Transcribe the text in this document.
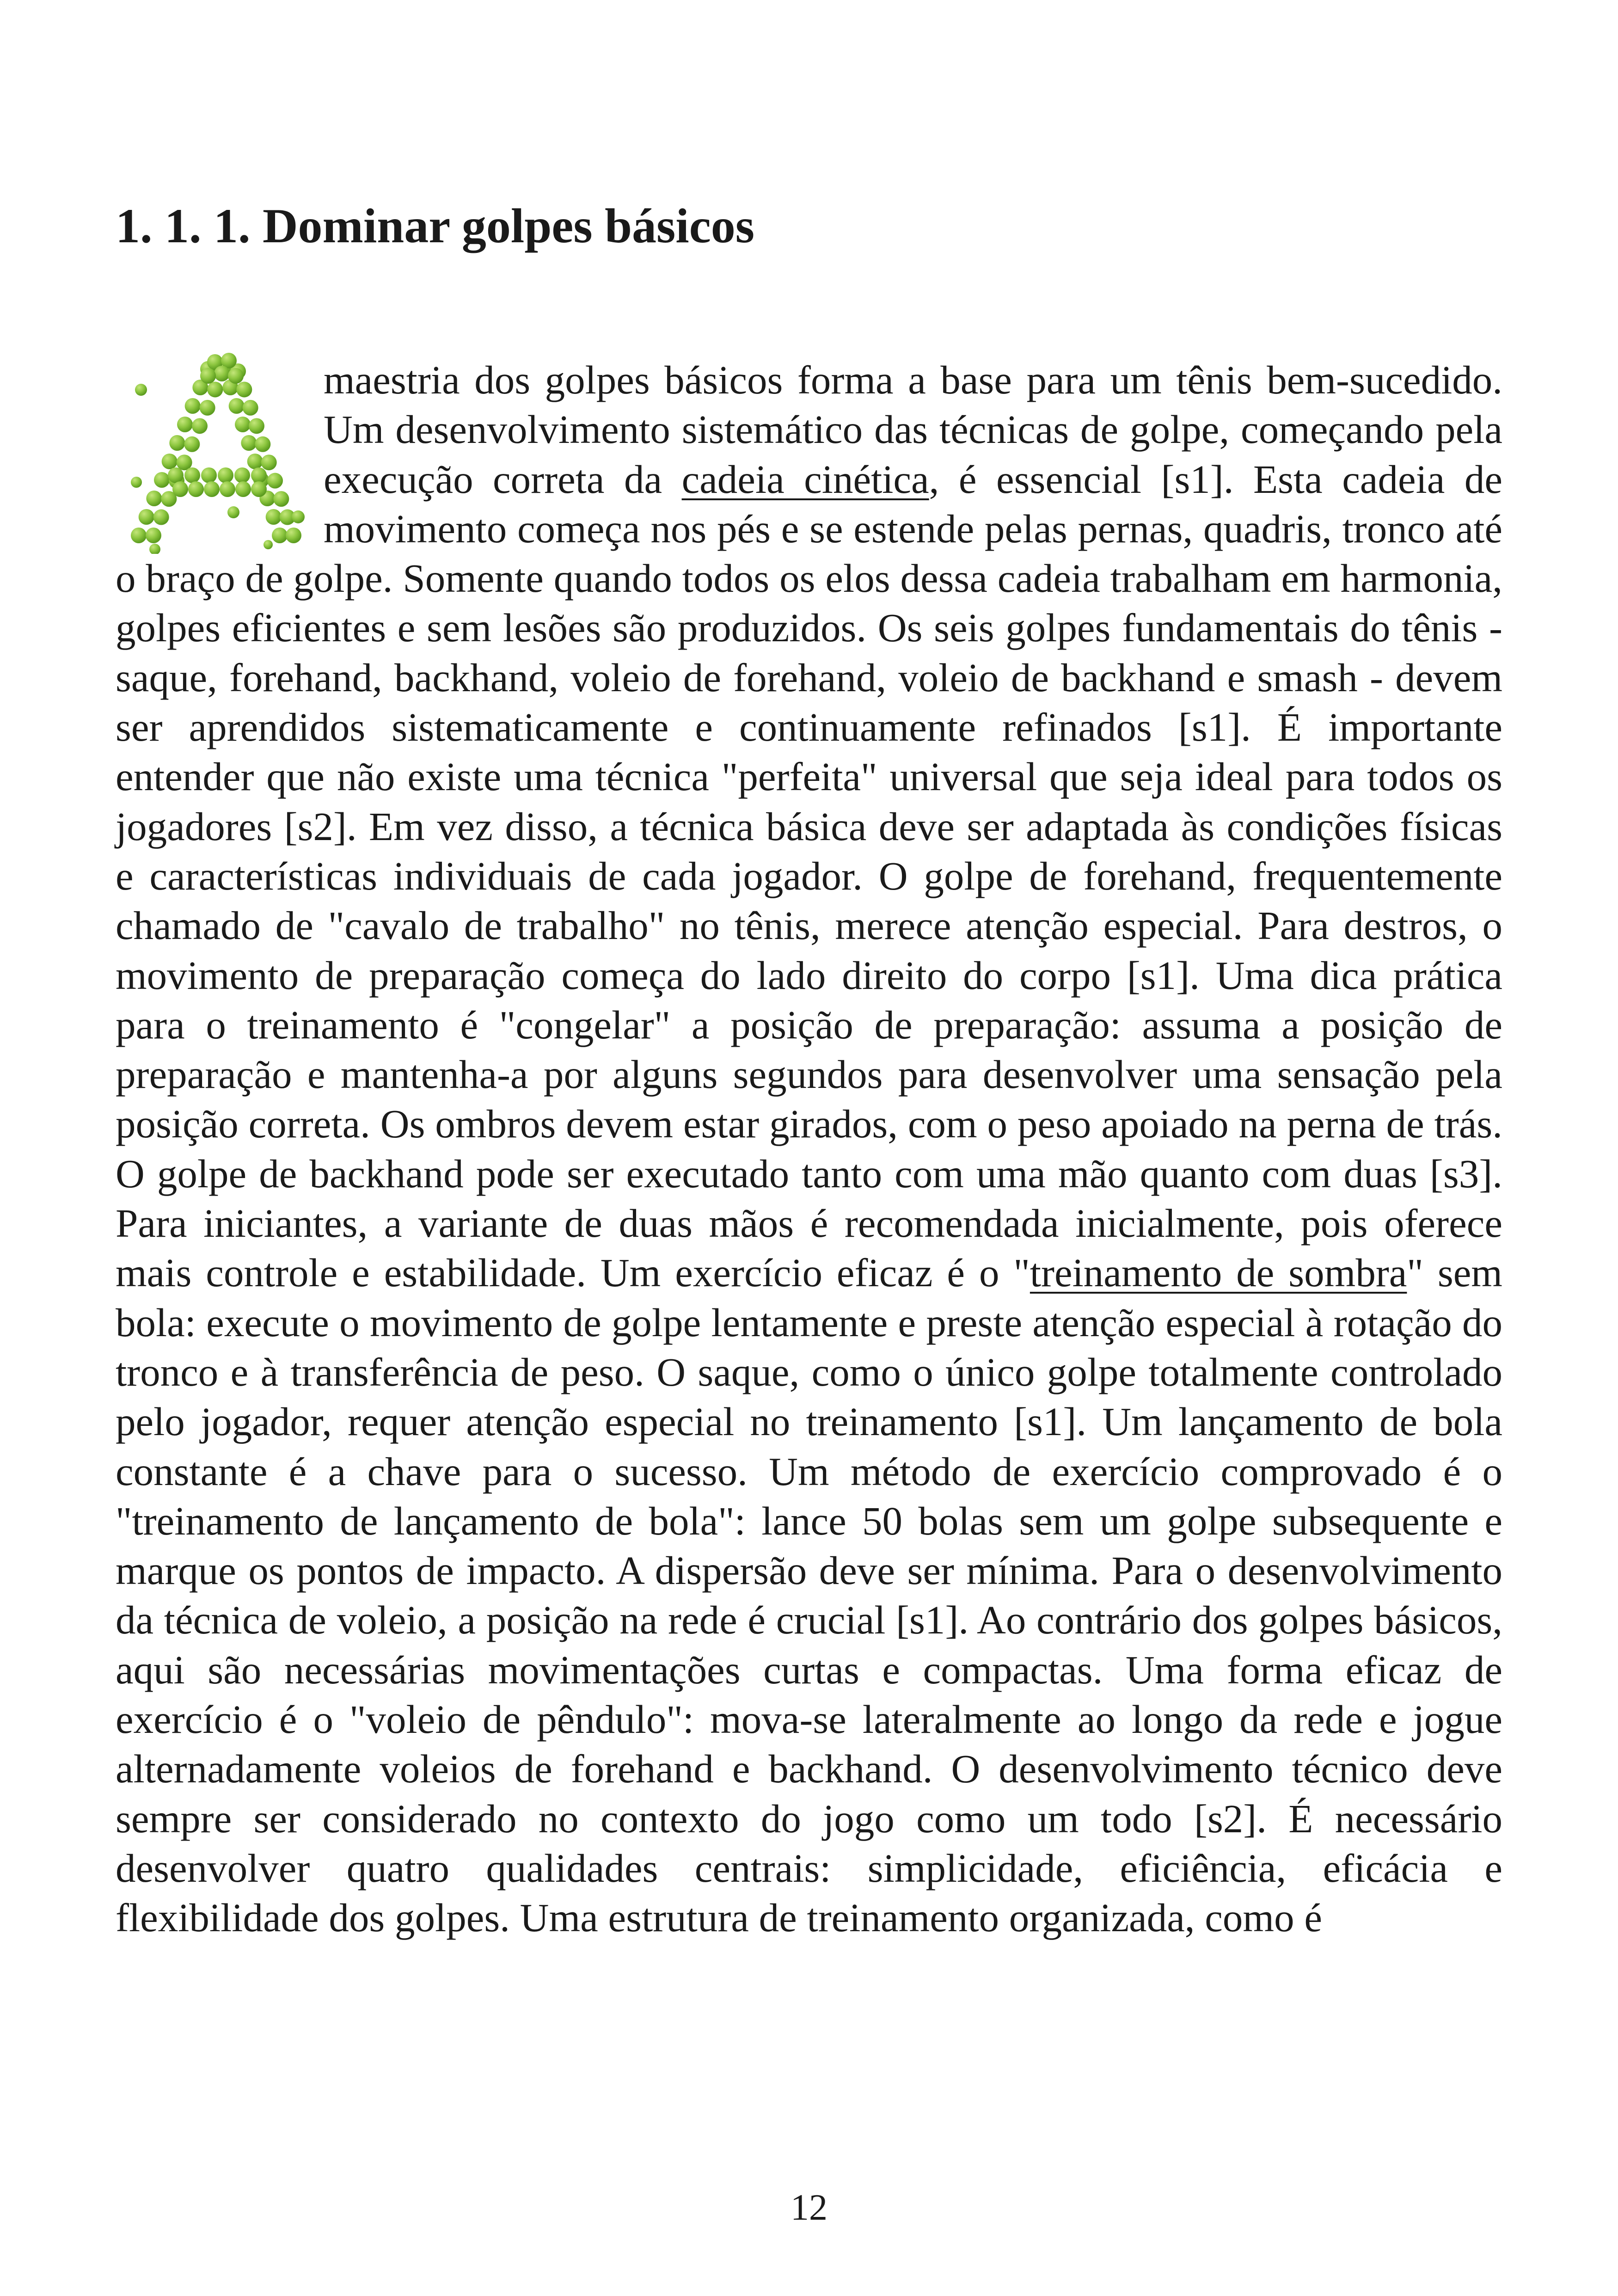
1. 1. 1. Dominar golpes básicos

maestria dos golpes básicos forma a base para um tênis bem-sucedido. Um desenvolvimento sistemático das técnicas de golpe, começando pela execução correta da cadeia cinética, é essencial [s1]. Esta cadeia de movimento começa nos pés e se estende pelas pernas, quadris, tronco até o braço de golpe. Somente quando todos os elos dessa cadeia trabalham em harmonia, golpes eficientes e sem lesões são produzidos. Os seis golpes fundamentais do tênis - saque, forehand, backhand, voleio de forehand, voleio de backhand e smash - devem ser aprendidos sistematicamente e continuamente refinados [s1]. É importante entender que não existe uma técnica "perfeita" universal que seja ideal para todos os jogadores [s2]. Em vez disso, a técnica básica deve ser adaptada às condições físicas e características individuais de cada jogador. O golpe de forehand, frequentemente chamado de "cavalo de trabalho" no tênis, merece atenção especial. Para destros, o movimento de preparação começa do lado direito do corpo [s1]. Uma dica prática para o treinamento é "congelar" a posição de preparação: assuma a posição de preparação e mantenha-a por alguns segundos para desenvolver uma sensação pela posição correta. Os ombros devem estar girados, com o peso apoiado na perna de trás. O golpe de backhand pode ser executado tanto com uma mão quanto com duas [s3]. Para iniciantes, a variante de duas mãos é recomendada inicialmente, pois oferece mais controle e estabilidade. Um exercício eficaz é o "treinamento de sombra" sem bola: execute o movimento de golpe lentamente e preste atenção especial à rotação do tronco e à transferência de peso. O saque, como o único golpe totalmente controlado pelo jogador, requer atenção especial no treinamento [s1]. Um lançamento de bola constante é a chave para o sucesso. Um método de exercício comprovado é o "treinamento de lançamento de bola": lance 50 bolas sem um golpe subsequente e marque os pontos de impacto. A dispersão deve ser mínima. Para o desenvolvimento da técnica de voleio, a posição na rede é crucial [s1]. Ao contrário dos golpes básicos, aqui são necessárias movimentações curtas e compactas. Uma forma eficaz de exercício é o "voleio de pêndulo": mova-se lateralmente ao longo da rede e jogue alternadamente voleios de forehand e backhand. O desenvolvimento técnico deve sempre ser considerado no contexto do jogo como um todo [s2]. É necessário desenvolver quatro qualidades centrais: simplicidade, eficiência, eficácia e flexibilidade dos golpes. Uma estrutura de treinamento organizada, como é

12
